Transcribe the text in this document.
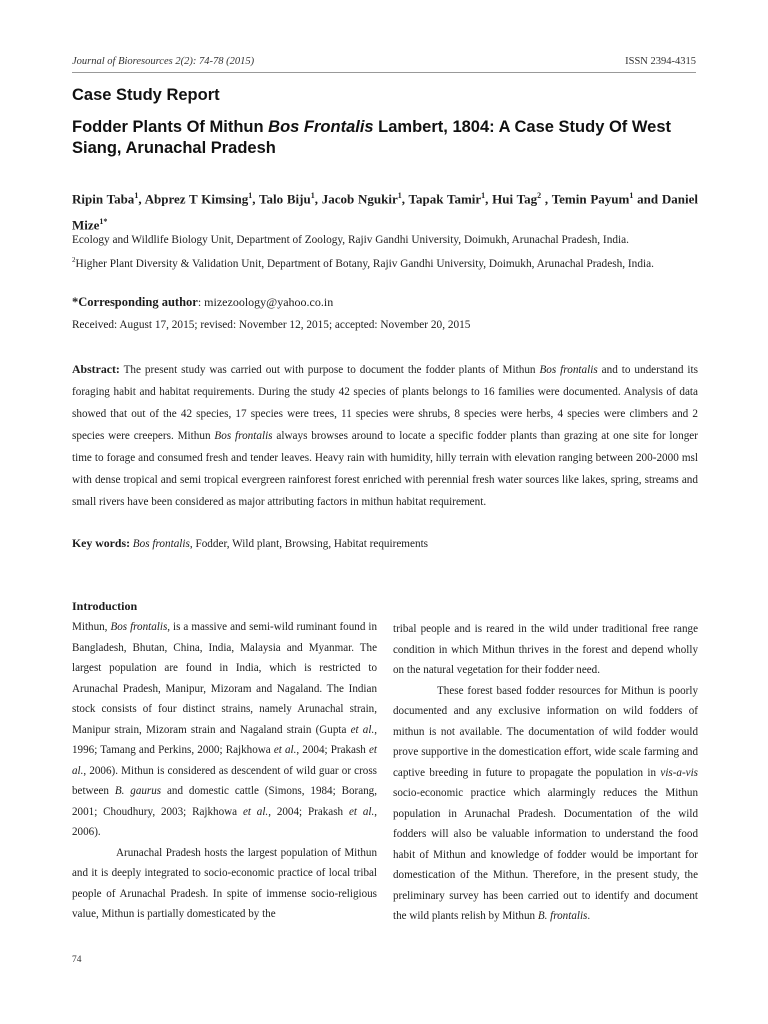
Journal of Bioresources 2(2): 74-78 (2015)	ISSN 2394-4315
Case Study Report
Fodder Plants Of Mithun Bos Frontalis Lambert, 1804: A Case Study Of West Siang, Arunachal Pradesh
Ripin Taba$^1$, Abprez T Kimsing$^1$, Talo Biju$^1$, Jacob Ngukir$^1$, Tapak Tamir$^1$, Hui Tag$^2$ , Temin Payum$^1$ and Daniel Mize$^{1*}$
Ecology and Wildlife Biology Unit, Department of Zoology, Rajiv Gandhi University, Doimukh, Arunachal Pradesh, India.
$^2$Higher Plant Diversity & Validation Unit, Department of Botany, Rajiv Gandhi University, Doimukh, Arunachal Pradesh, India.
*Corresponding author: mizezoology@yahoo.co.in
Received: August 17, 2015; revised: November 12, 2015; accepted: November 20, 2015
Abstract: The present study was carried out with purpose to document the fodder plants of Mithun Bos frontalis and to understand its foraging habit and habitat requirements. During the study 42 species of plants belongs to 16 families were documented. Analysis of data showed that out of the 42 species, 17 species were trees, 11 species were shrubs, 8 species were herbs, 4 species were climbers and 2 species were creepers. Mithun Bos frontalis always browses around to locate a specific fodder plants than grazing at one site for longer time to forage and consumed fresh and tender leaves. Heavy rain with humidity, hilly terrain with elevation ranging between 200-2000 msl with dense tropical and semi tropical evergreen rainforest forest enriched with perennial fresh water sources like lakes, spring, streams and small rivers have been considered as major attributing factors in mithun habitat requirement.
Key words: Bos frontalis, Fodder, Wild plant, Browsing, Habitat requirements
Introduction

Mithun, Bos frontalis, is a massive and semi-wild ruminant found in Bangladesh, Bhutan, China, India, Malaysia and Myanmar. The largest population are found in India, which is restricted to Arunachal Pradesh, Manipur, Mizoram and Nagaland. The Indian stock consists of four distinct strains, namely Arunachal strain, Manipur strain, Mizoram strain and Nagaland strain (Gupta et al., 1996; Tamang and Perkins, 2000; Rajkhowa et al., 2004; Prakash et al., 2006). Mithun is considered as descendent of wild guar or cross between B. gaurus and domestic cattle (Simons, 1984; Borang, 2001; Choudhury, 2003; Rajkhowa et al., 2004; Prakash et al., 2006).

Arunachal Pradesh hosts the largest population of Mithun and it is deeply integrated to socio-economic practice of local tribal people of Arunachal Pradesh. In spite of immense socio-religious value, Mithun is partially domesticated by the

tribal people and is reared in the wild under traditional free range condition in which Mithun thrives in the forest and depend wholly on the natural vegetation for their fodder need.

These forest based fodder resources for Mithun is poorly documented and any exclusive information on wild fodders of mithun is not available. The documentation of wild fodder would prove supportive in the domestication effort, wide scale farming and captive breeding in future to propagate the population in vis-a-vis socio-economic practice which alarmingly reduces the Mithun population in Arunachal Pradesh. Documentation of the wild fodders will also be valuable information to understand the food habit of Mithun and knowledge of fodder would be important for domestication of the Mithun. Therefore, in the present study, the preliminary survey has been carried out to identify and document the wild plants relish by Mithun B. frontalis.

74
